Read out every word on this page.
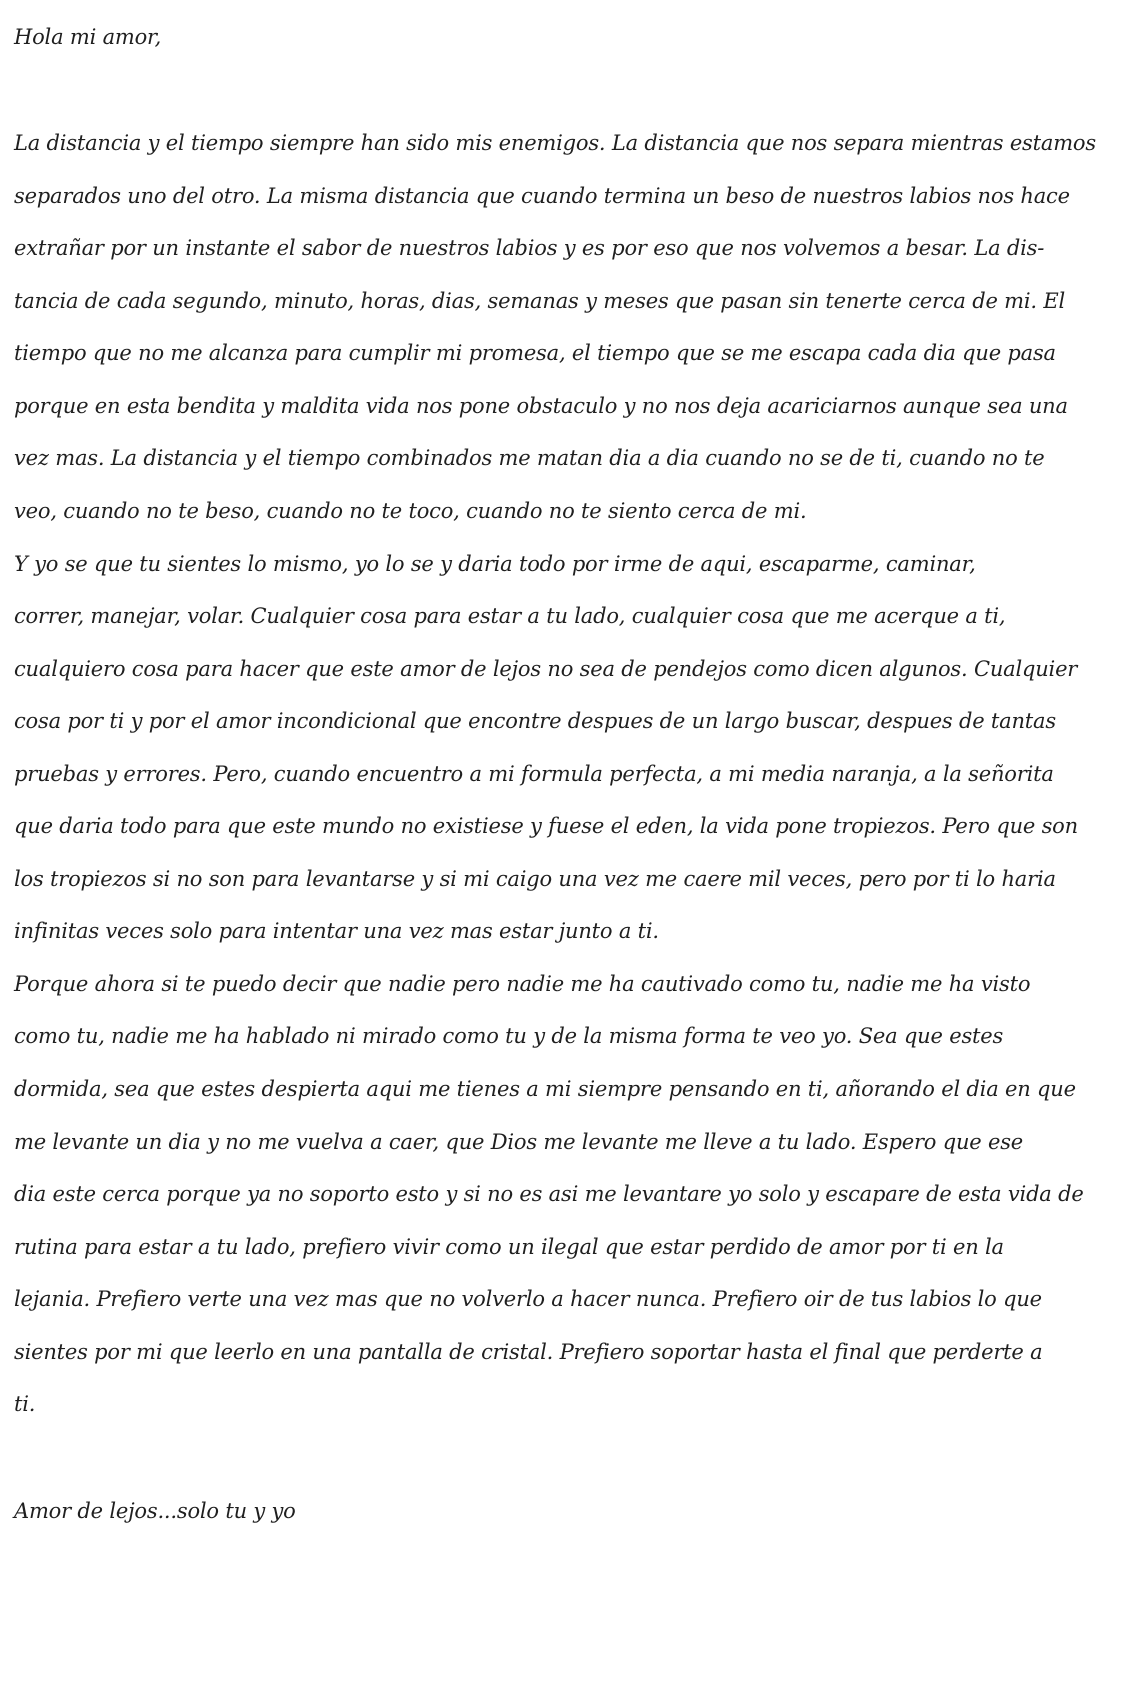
Hola mi amor,
La distancia y el tiempo siempre han sido mis enemigos. La distancia que nos separa mientras estamos
separados uno del otro. La misma distancia que cuando termina un beso de nuestros labios nos hace
extrañar por un instante el sabor de nuestros labios y es por eso que nos volvemos a besar. La dis-
tancia de cada segundo, minuto, horas, dias, semanas y meses que pasan sin tenerte cerca de mi. El
tiempo que no me alcanza para cumplir mi promesa, el tiempo que se me escapa cada dia que pasa
porque en esta bendita y maldita vida nos pone obstaculo y no nos deja acariciarnos aunque sea una
vez mas. La distancia y el tiempo combinados me matan dia a dia cuando no se de ti, cuando no te
veo, cuando no te beso, cuando no te toco, cuando no te siento cerca de mi.
Y yo se que tu sientes lo mismo, yo lo se y daria todo por irme de aqui, escaparme, caminar,
correr, manejar, volar. Cualquier cosa para estar a tu lado, cualquier cosa que me acerque a ti,
cualquiero cosa para hacer que este amor de lejos no sea de pendejos como dicen algunos. Cualquier
cosa por ti y por el amor incondicional que encontre despues de un largo buscar, despues de tantas
pruebas y errores. Pero, cuando encuentro a mi formula perfecta, a mi media naranja, a la señorita
que daria todo para que este mundo no existiese y fuese el eden, la vida pone tropiezos. Pero que son
los tropiezos si no son para levantarse y si mi caigo una vez me caere mil veces, pero por ti lo haria
infinitas veces solo para intentar una vez mas estar junto a ti.
Porque ahora si te puedo decir que nadie pero nadie me ha cautivado como tu, nadie me ha visto
como tu, nadie me ha hablado ni mirado como tu y de la misma forma te veo yo. Sea que estes
dormida, sea que estes despierta aqui me tienes a mi siempre pensando en ti, añorando el dia en que
me levante un dia y no me vuelva a caer, que Dios me levante me lleve a tu lado. Espero que ese
dia este cerca porque ya no soporto esto y si no es asi me levantare yo solo y escapare de esta vida de
rutina para estar a tu lado, prefiero vivir como un ilegal que estar perdido de amor por ti en la
lejania. Prefiero verte una vez mas que no volverlo a hacer nunca. Prefiero oir de tus labios lo que
sientes por mi que leerlo en una pantalla de cristal. Prefiero soportar hasta el final que perderte a
ti.
Amor de lejos...solo tu y yo
